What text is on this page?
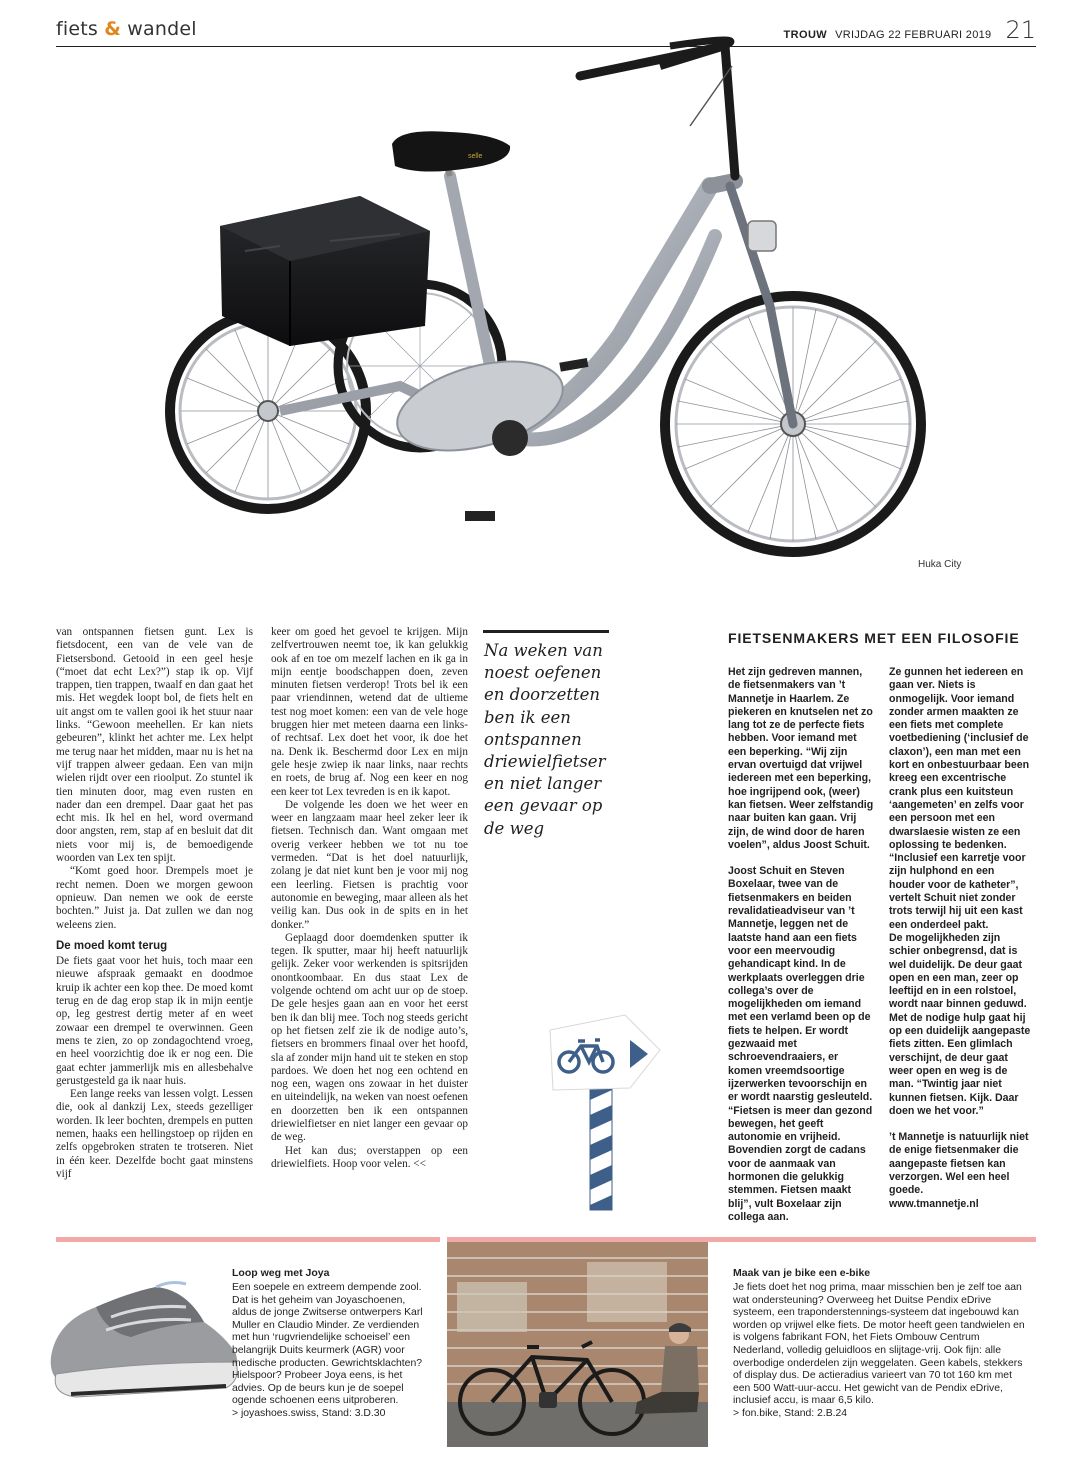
fiets & wandel	TROUW VRIJDAG 22 FEBRUARI 2019 21
selle
Huka City

van ontspannen fietsen gunt. Lex is fietsdocent, een van de vele van de Fietsersbond. Getooid in een geel hesje (“moet dat echt Lex?”) stap ik op. Vijf trappen, tien trappen, twaalf en dan gaat het mis. Het wegdek loopt bol, de fiets helt en uit angst om te vallen gooi ik het stuur naar links. “Gewoon meehellen. Er kan niets gebeuren”, klinkt het achter me. Lex helpt me terug naar het midden, maar nu is het na vijf trappen alweer gedaan. Een van mijn wielen rijdt over een rioolput. Zo stuntel ik tien minuten door, mag even rusten en nader dan een drempel. Daar gaat het pas echt mis. Ik hel en hel, word overmand door angsten, rem, stap af en besluit dat dit niets voor mij is, de bemoedigende woorden van Lex ten spijt.

“Komt goed hoor. Drempels moet je recht nemen. Doen we morgen gewoon opnieuw. Dan nemen we ook de eerste bochten.” Juist ja. Dat zullen we dan nog weleens zien.

De moed komt terug

De fiets gaat voor het huis, toch maar een nieuwe afspraak gemaakt en doodmoe kruip ik achter een kop thee. De moed komt terug en de dag erop stap ik in mijn eentje op, leg gestrest dertig meter af en weet zowaar een drempel te overwinnen. Geen mens te zien, zo op zondagochtend vroeg, en heel voorzichtig doe ik er nog een. Die gaat echter jammerlijk mis en allesbehalve gerustgesteld ga ik naar huis.

Een lange reeks van lessen volgt. Lessen die, ook al dankzij Lex, steeds gezelliger worden. Ik leer bochten, drempels en putten nemen, haaks een hellingstoep op rijden en zelfs opgebroken straten te trotseren. Niet in één keer. Dezelfde bocht gaat minstens vijf

keer om goed het gevoel te krijgen. Mijn zelfvertrouwen neemt toe, ik kan gelukkig ook af en toe om mezelf lachen en ik ga in mijn eentje boodschappen doen, zeven minuten fietsen verderop! Trots bel ik een paar vriendinnen, wetend dat de ultieme test nog moet komen: een van de vele hoge bruggen hier met meteen daarna een links- of rechtsaf. Lex doet het voor, ik doe het na. Denk ik. Beschermd door Lex en mijn gele hesje zwiep ik naar links, naar rechts en roets, de brug af. Nog een keer en nog een keer tot Lex tevreden is en ik kapot.

De volgende les doen we het weer en weer en langzaam maar heel zeker leer ik fietsen. Technisch dan. Want omgaan met overig verkeer hebben we tot nu toe vermeden. “Dat is het doel natuurlijk, zolang je dat niet kunt ben je voor mij nog een leerling. Fietsen is prachtig voor autonomie en beweging, maar alleen als het veilig kan. Dus ook in de spits en in het donker.”

Geplaagd door doemdenken sputter ik tegen. Ik sputter, maar hij heeft natuurlijk gelijk. Zeker voor werkenden is spitsrijden onontkoombaar. En dus staat Lex de volgende ochtend om acht uur op de stoep. De gele hesjes gaan aan en voor het eerst ben ik dan blij mee. Toch nog steeds gericht op het fietsen zelf zie ik de nodige auto’s, fietsers en brommers finaal over het hoofd, sla af zonder mijn hand uit te steken en stop pardoes. We doen het nog een ochtend en nog een, wagen ons zowaar in het duister en uiteindelijk, na weken van noest oefenen en doorzetten ben ik een ontspannen driewielfietser en niet langer een gevaar op de weg.

Het kan dus; overstappen op een driewielfiets. Hoop voor velen. <<

Na weken van noest oefenen en doorzetten ben ik een ontspannen driewielfietser en niet langer een gevaar op de weg
FIETSENMAKERS MET EEN FILOSOFIE

Het zijn gedreven mannen, de fietsenmakers van ’t Mannetje in Haarlem. Ze piekeren en knutselen net zo lang tot ze de perfecte fiets hebben. Voor iemand met een beperking. “Wij zijn ervan overtuigd dat vrijwel iedereen met een beperking, hoe ingrijpend ook, (weer) kan fietsen. Weer zelfstandig naar buiten kan gaan. Vrij zijn, de wind door de haren voelen”, aldus Joost Schuit.

Joost Schuit en Steven Boxelaar, twee van de fietsenmakers en beiden revalidatieadviseur van ’t Mannetje, leggen net de laatste hand aan een fiets voor een meervoudig gehandicapt kind. In de werkplaats overleggen drie collega’s over de mogelijkheden om iemand met een verlamd been op de fiets te helpen. Er wordt gezwaaid met schroevendraaiers, er komen vreemdsoortige ijzerwerken tevoorschijn en er wordt naarstig gesleuteld. “Fietsen is meer dan gezond bewegen, het geeft autonomie en vrijheid. Bovendien zorgt de cadans voor de aanmaak van hormonen die gelukkig stemmen. Fietsen maakt blij”, vult Boxelaar zijn collega aan.

Ze gunnen het iedereen en gaan ver. Niets is onmogelijk. Voor iemand zonder armen maakten ze een fiets met complete voetbediening (‘inclusief de claxon’), een man met een kort en onbestuurbaar been kreeg een excentrische crank plus een kuitsteun ‘aangemeten’ en zelfs voor een persoon met een dwarslaesie wisten ze een oplossing te bedenken. “Inclusief een karretje voor zijn hulphond en een houder voor de katheter”, vertelt Schuit niet zonder trots terwijl hij uit een kast een onderdeel pakt.

De mogelijkheden zijn schier onbegrensd, dat is wel duidelijk. De deur gaat open en een man, zeer op leeftijd en in een rolstoel, wordt naar binnen geduwd. Met de nodige hulp gaat hij op een duidelijk aangepaste fiets zitten. Een glimlach verschijnt, de deur gaat weer open en weg is de man. “Twintig jaar niet kunnen fietsen. Kijk. Daar doen we het voor.”

’t Mannetje is natuurlijk niet de enige fietsenmaker die aangepaste fietsen kan verzorgen. Wel een heel goede.

www.tmannetje.nl

Loop weg met Joya

Een soepele en extreem dempende zool. Dat is het geheim van Joyaschoenen, aldus de jonge Zwitserse ontwerpers Karl Muller en Claudio Minder. Ze verdienden met hun ‘rugvriendelijke schoeisel’ een belangrijk Duits keurmerk (AGR) voor medische producten. Gewrichtsklachten? Hielspoor? Probeer Joya eens, is het advies. Op de beurs kun je de soepel ogende schoenen eens uitproberen.

> joyashoes.swiss, Stand: 3.D.30

Maak van je bike een e-bike

Je fiets doet het nog prima, maar misschien ben je zelf toe aan wat ondersteuning? Overweeg het Duitse Pendix eDrive systeem, een traponderstennings-systeem dat ingebouwd kan worden op vrijwel elke fiets. De motor heeft geen tandwielen en is volgens fabrikant FON, het Fiets Ombouw Centrum Nederland, volledig geluidloos en slijtage-vrij. Ook fijn: alle overbodige onderdelen zijn weggelaten. Geen kabels, stekkers of display dus. De actieradius varieert van 70 tot 160 km met een 500 Watt-uur-accu. Het gewicht van de Pendix eDrive, inclusief accu, is maar 6,5 kilo.

> fon.bike, Stand: 2.B.24
